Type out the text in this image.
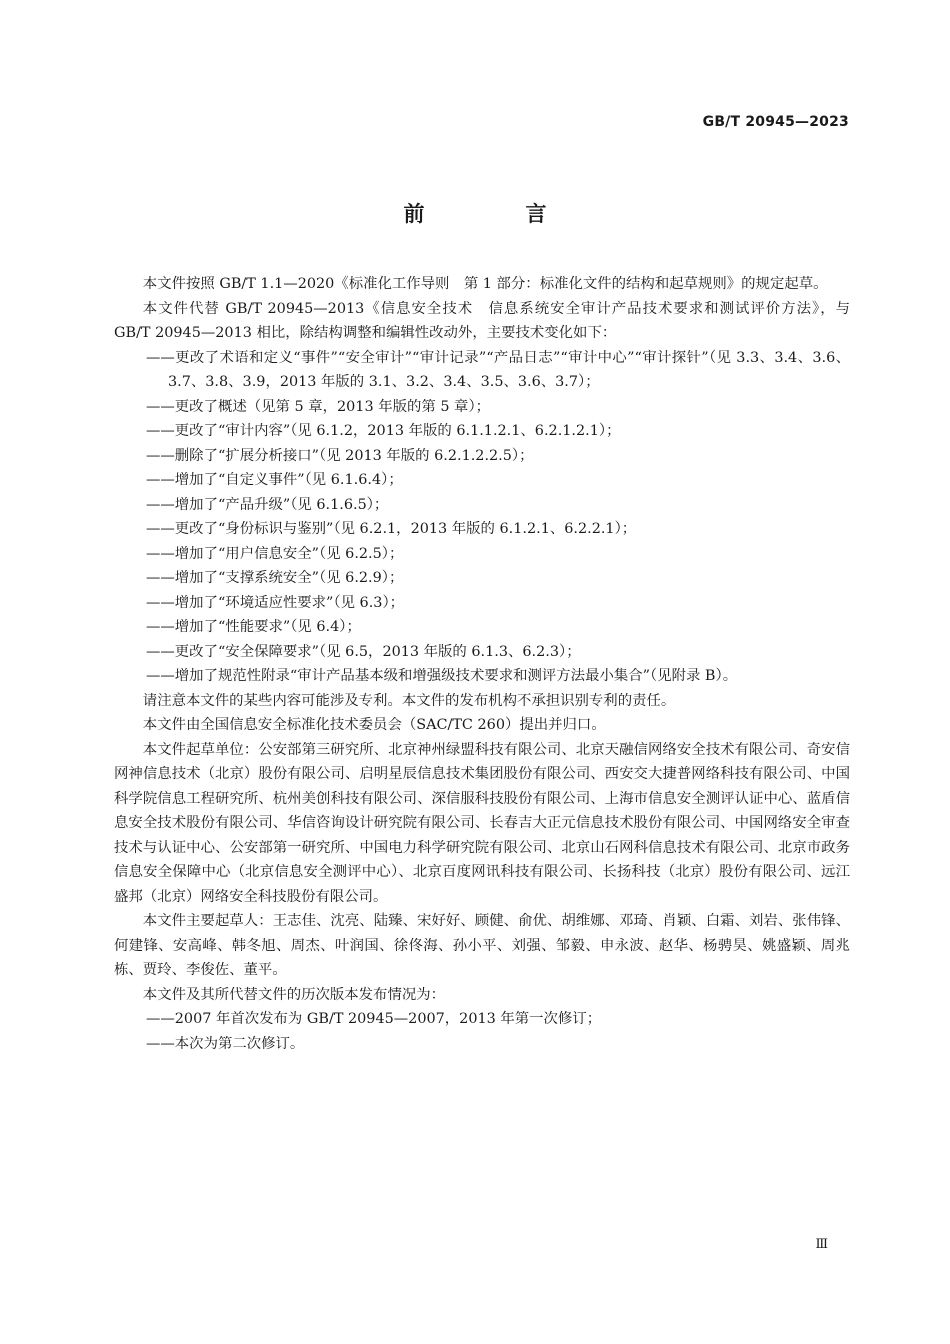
GB/T 20945—2023
前　言

本文件按照 GB/T 1.1—2020《标准化工作导则　第 1 部分：标准化文件的结构和起草规则》的规定起草。

本文件代替 GB/T 20945—2013《信息安全技术　信息系统安全审计产品技术要求和测试评价方法》，与 GB/T 20945—2013 相比，除结构调整和编辑性改动外，主要技术变化如下：

——更改了术语和定义“事件”“安全审计”“审计记录”“产品日志”“审计中心”“审计探针”（见 3.3、3.4、3.6、3.7、3.8、3.9，2013 年版的 3.1、3.2、3.4、3.5、3.6、3.7）；

——更改了概述（见第 5 章，2013 年版的第 5 章）；

——更改了“审计内容”（见 6.1.2，2013 年版的 6.1.1.2.1、6.2.1.2.1）；

——删除了“扩展分析接口”（见 2013 年版的 6.2.1.2.2.5）；

——增加了“自定义事件”（见 6.1.6.4）；

——增加了“产品升级”（见 6.1.6.5）；

——更改了“身份标识与鉴别”（见 6.2.1，2013 年版的 6.1.2.1、6.2.2.1）；

——增加了“用户信息安全”（见 6.2.5）；

——增加了“支撑系统安全”（见 6.2.9）；

——增加了“环境适应性要求”（见 6.3）；

——增加了“性能要求”（见 6.4）；

——更改了“安全保障要求”（见 6.5，2013 年版的 6.1.3、6.2.3）；

——增加了规范性附录“审计产品基本级和增强级技术要求和测评方法最小集合”（见附录 B）。

请注意本文件的某些内容可能涉及专利。本文件的发布机构不承担识别专利的责任。

本文件由全国信息安全标准化技术委员会（SAC/TC 260）提出并归口。

本文件起草单位：公安部第三研究所、北京神州绿盟科技有限公司、北京天融信网络安全技术有限公司、奇安信网神信息技术（北京）股份有限公司、启明星辰信息技术集团股份有限公司、西安交大捷普网络科技有限公司、中国科学院信息工程研究所、杭州美创科技有限公司、深信服科技股份有限公司、上海市信息安全测评认证中心、蓝盾信息安全技术股份有限公司、华信咨询设计研究院有限公司、长春吉大正元信息技术股份有限公司、中国网络安全审查技术与认证中心、公安部第一研究所、中国电力科学研究院有限公司、北京山石网科信息技术有限公司、北京市政务信息安全保障中心（北京信息安全测评中心）、北京百度网讯科技有限公司、长扬科技（北京）股份有限公司、远江盛邦（北京）网络安全科技股份有限公司。

本文件主要起草人：王志佳、沈亮、陆臻、宋好好、顾健、俞优、胡维娜、邓琦、肖颖、白霜、刘岩、张伟锋、何建锋、安高峰、韩冬旭、周杰、叶润国、徐佟海、孙小平、刘强、邹毅、申永波、赵华、杨骋昊、姚盛颖、周兆栋、贾玲、李俊佐、董平。

本文件及其所代替文件的历次版本发布情况为：

——2007 年首次发布为 GB/T 20945—2007，2013 年第一次修订；

——本次为第二次修订。

Ⅲ
